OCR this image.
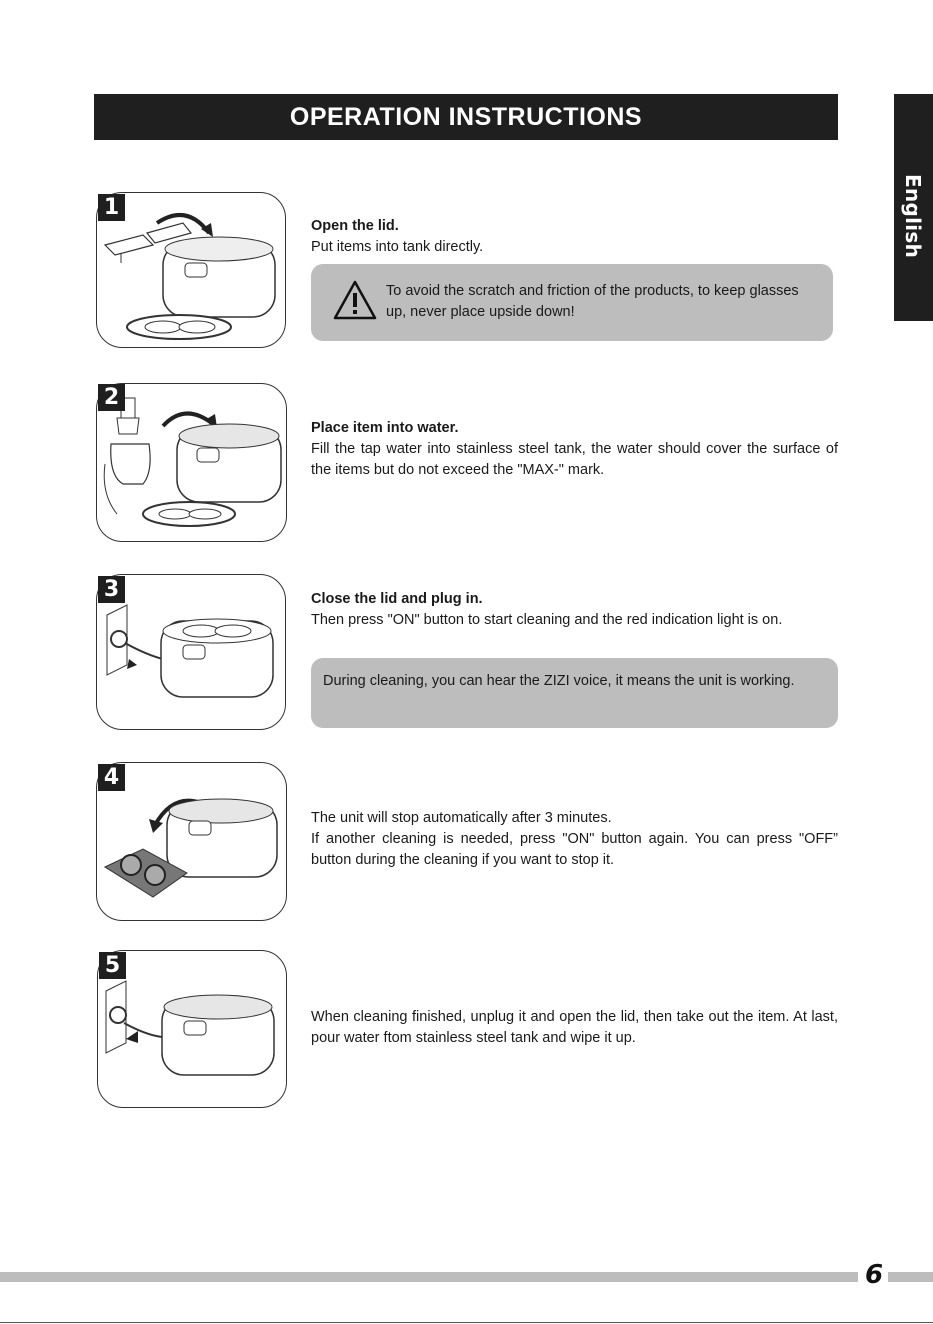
OPERATION INSTRUCTIONS
English
1
Open the lid.
Put items into tank directly.
To avoid the scratch and friction of the products, to keep glasses up, never place upside down!
2
Place item into water.
Fill the tap water into stainless steel tank, the water should cover the surface of the items but do not exceed the "MAX-" mark.
3	Close the lid and plug in.
Then press "ON" button to start cleaning and the red indication light is on.
During cleaning, you can hear the ZIZI voice, it means the unit is working.
4
The unit will stop automatically after 3 minutes.
If another cleaning is needed, press "ON" button again. You can press "OFF” button during the cleaning if you want to stop it.
5
When cleaning finished, unplug it and open the lid, then take out the item. At last, pour water ftom stainless steel tank and wipe it up.
6
